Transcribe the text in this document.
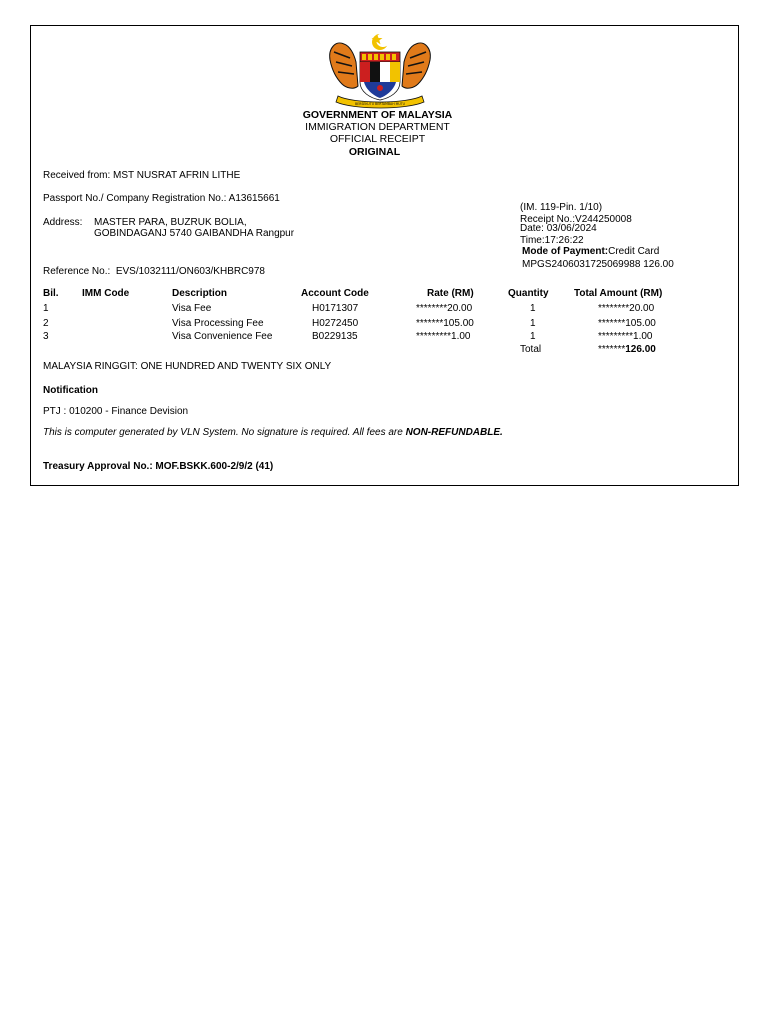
BERSEKUTU BERTAMBAH MUTU
GOVERNMENT OF MALAYSIA
IMMIGRATION DEPARTMENT
OFFICIAL RECEIPT
ORIGINAL
Received from: MST NUSRAT AFRIN LITHE
Passport No./ Company Registration No.: A13615661
Address: MASTER PARA, BUZRUK BOLIA,
GOBINDAGANJ 5740 GAIBANDHA Rangpur
Reference No.: EVS/1032111/ON603/KHBRC978
(IM. 119-Pin. 1/10)
Receipt No.:V244250008
Date: 03/06/2024
Time:17:26:22
Mode of Payment:Credit Card
MPGS2406031725069988 126.00
Bil. IMM Code	Description	Account Code	Rate (RM)	Quantity	Total Amount (RM)
1	Visa Fee	H0171307	********20.00	1	********20.00
2	Visa Processing Fee	H0272450	*******105.00	1	*******105.00
3	Visa Convenience Fee	B0229135	*********1.00	1	*********1.00
Total	*******126.00
MALAYSIA RINGGIT: ONE HUNDRED AND TWENTY SIX ONLY
Notification
PTJ : 010200 - Finance Devision
This is computer generated by VLN System. No signature is required. All fees are NON-REFUNDABLE.
Treasury Approval No.: MOF.BSKK.600-2/9/2 (41)
